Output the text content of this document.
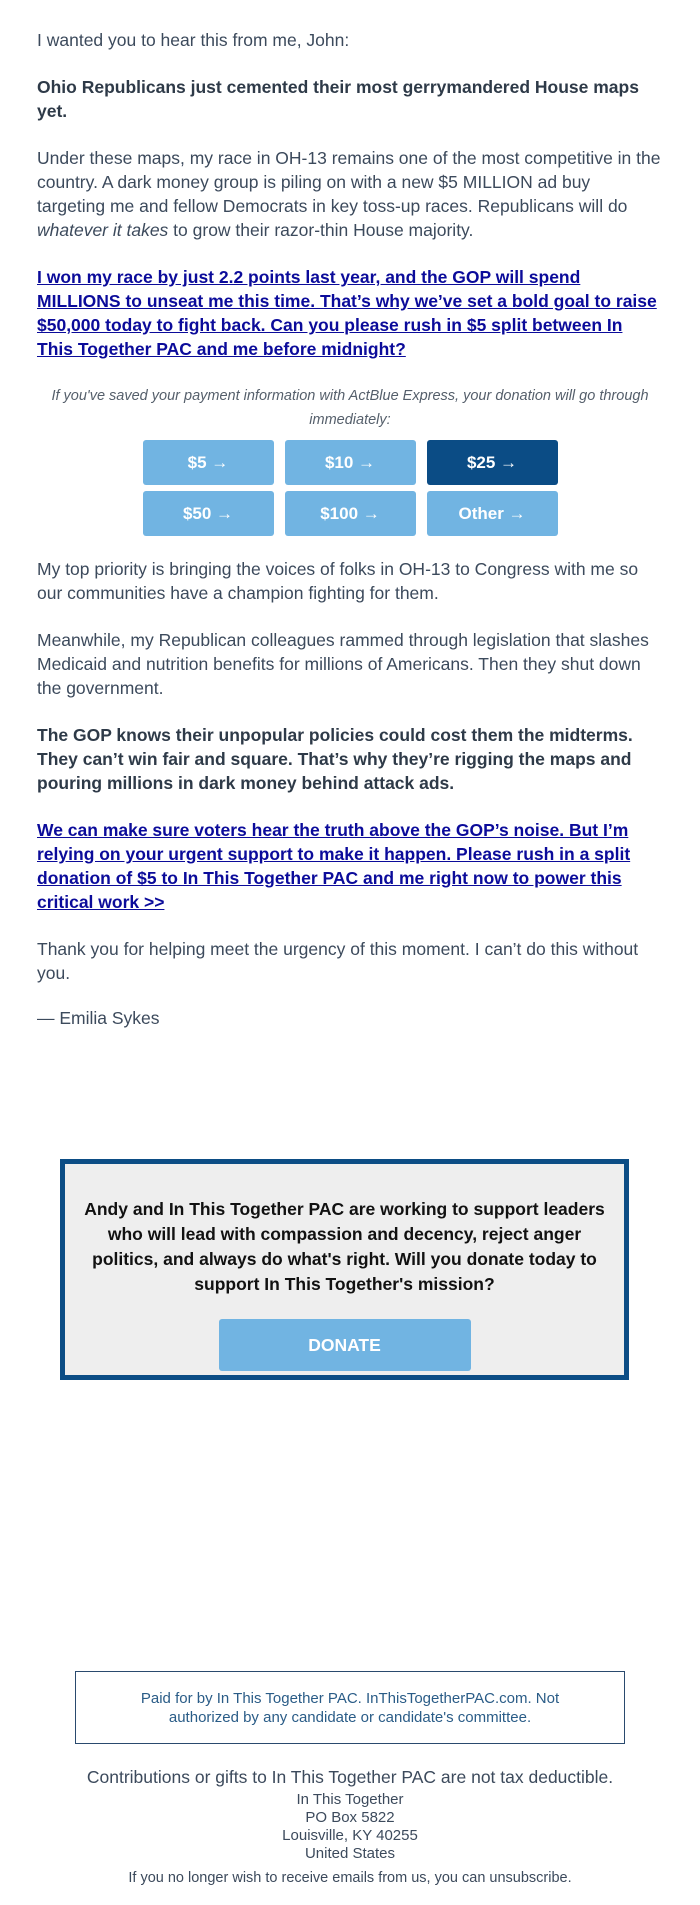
I wanted you to hear this from me, John:

Ohio Republicans just cemented their most gerrymandered House maps yet.

Under these maps, my race in OH-13 remains one of the most competitive in the country. A dark money group is piling on with a new $5 MILLION ad buy targeting me and fellow Democrats in key toss-up races. Republicans will do whatever it takes to grow their razor-thin House majority.

I won my race by just 2.2 points last year, and the GOP will spend MILLIONS to unseat me this time. That’s why we’ve set a bold goal to raise $50,000 today to fight back. Can you please rush in $5 split between In This Together PAC and me before midnight?

If you've saved your payment information with ActBlue Express, your donation will go through immediately:

$5 →	$10 →	$25 →
$50 →	$100 →	Other →

My top priority is bringing the voices of folks in OH-13 to Congress with me so our communities have a champion fighting for them.

Meanwhile, my Republican colleagues rammed through legislation that slashes Medicaid and nutrition benefits for millions of Americans. Then they shut down the government.

The GOP knows their unpopular policies could cost them the midterms. They can’t win fair and square. That’s why they’re rigging the maps and pouring millions in dark money behind attack ads.

We can make sure voters hear the truth above the GOP’s noise. But I’m relying on your urgent support to make it happen. Please rush in a split donation of $5 to In This Together PAC and me right now to power this critical work >>

Thank you for helping meet the urgency of this moment. I can’t do this without you.

— Emilia Sykes

Andy and In This Together PAC are working to support leaders who will lead with compassion and decency, reject anger politics, and always do what's right. Will you donate today to support In This Together's mission?
DONATE
Paid for by In This Together PAC. InThisTogetherPAC.com. Not authorized by any candidate or candidate's committee.
Contributions or gifts to In This Together PAC are not tax deductible.
In This Together
PO Box 5822
Louisville, KY 40255
United States
If you no longer wish to receive emails from us, you can unsubscribe.
